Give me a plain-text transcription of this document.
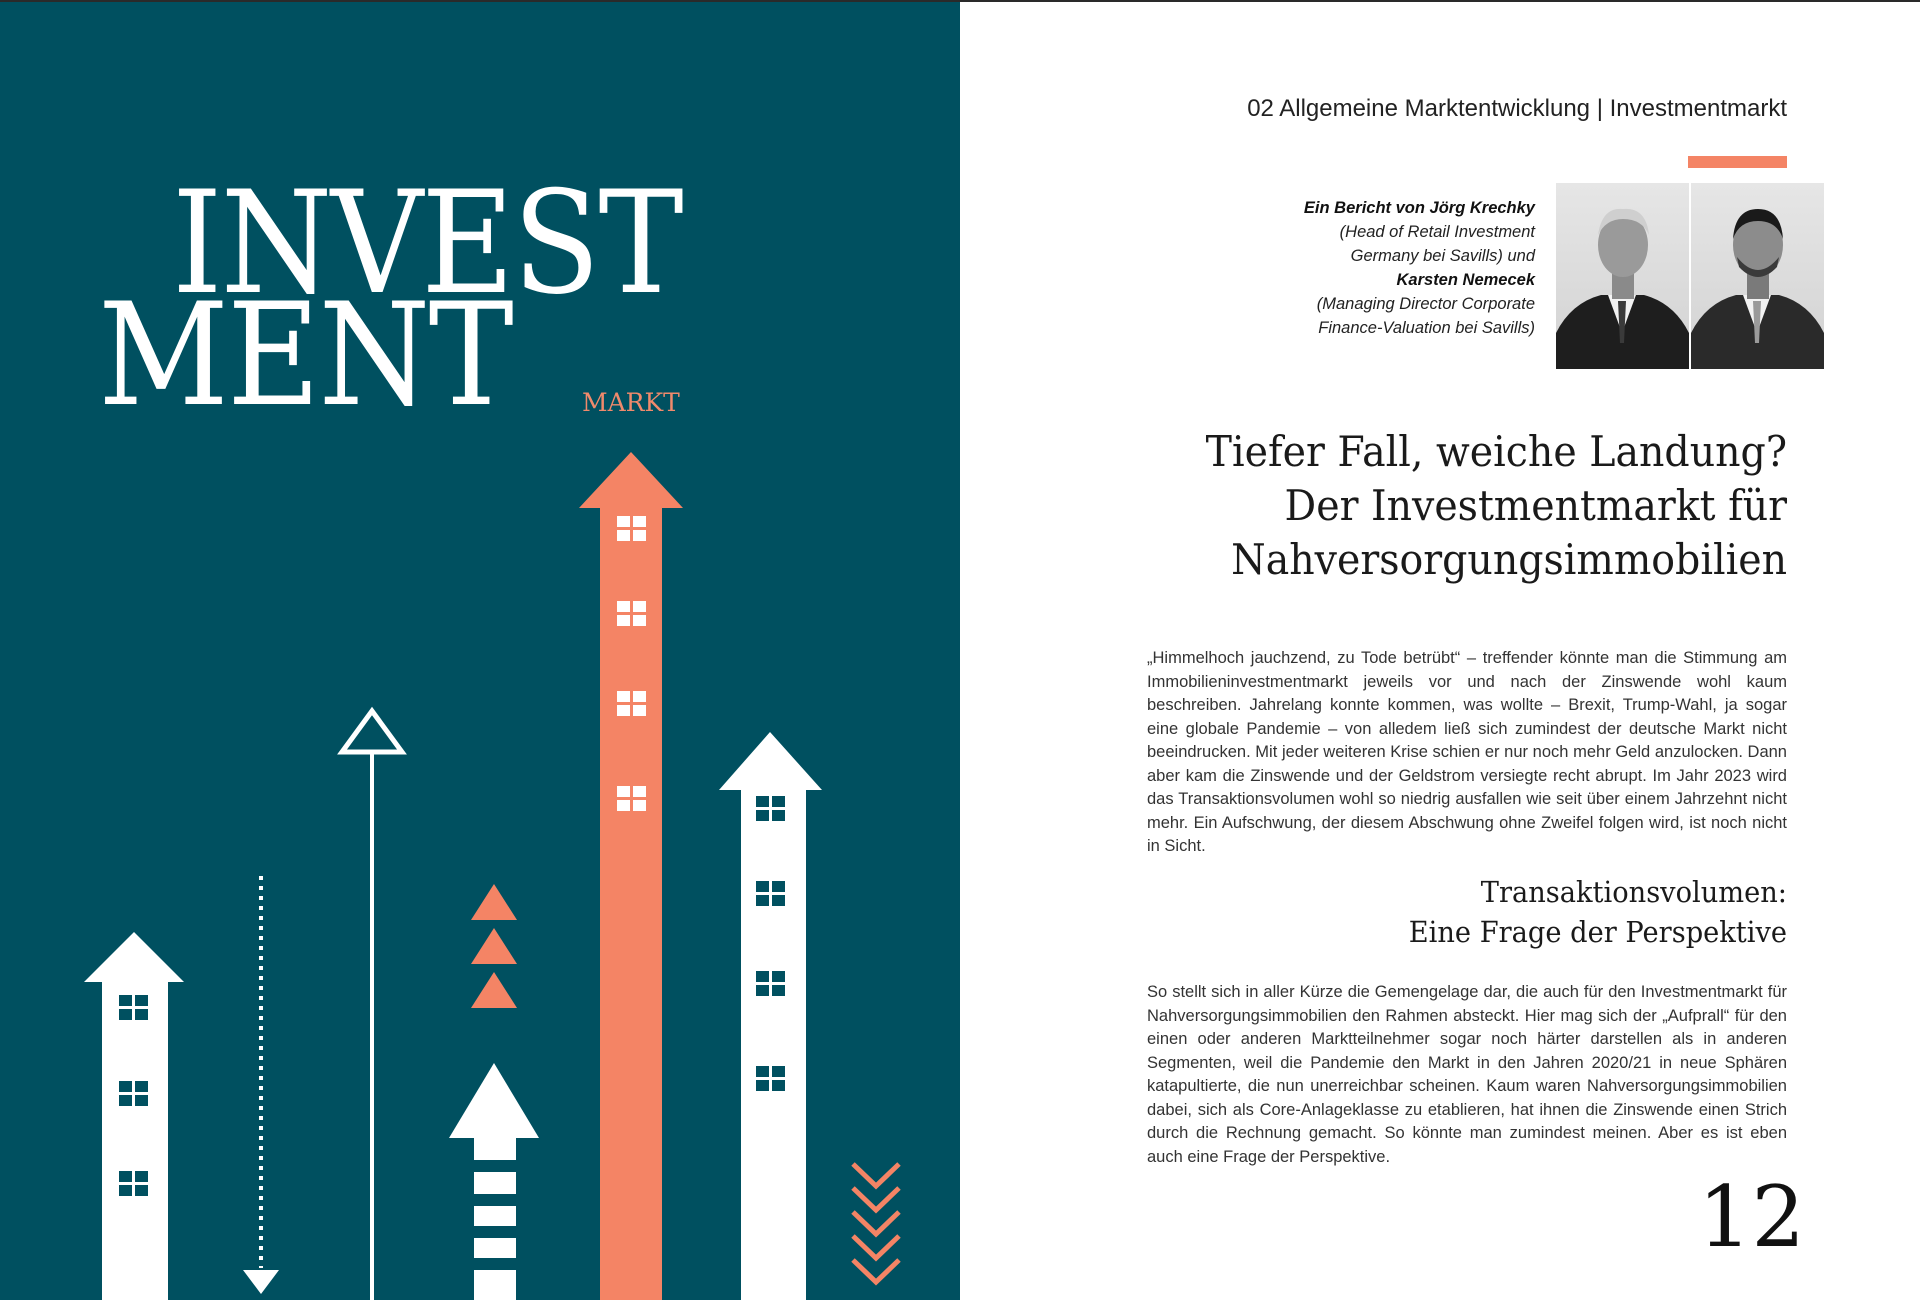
INVEST
MENT	MARKT

02 Allgemeine Marktentwicklung | Investmentmarkt

Ein Bericht von Jörg Krechky
(Head of Retail Investment Germany bei Savills) und
Karsten Nemecek
(Managing Director Corporate Finance-Valuation bei Savills)

Tiefer Fall, weiche Landung?
Der Investmentmarkt für
Nahversorgungsimmobilien

„Himmelhoch jauchzend, zu Tode betrübt“ – treffender könnte man die Stimmung am Immobilieninvestmentmarkt jeweils vor und nach der Zinswende wohl kaum beschreiben. Jahrelang konnte kommen, was wollte – Brexit, Trump-Wahl, ja sogar eine globale Pandemie – von alledem ließ sich zumindest der deutsche Markt nicht beeindrucken. Mit jeder weiteren Krise schien er nur noch mehr Geld anzulocken. Dann aber kam die Zinswende und der Geldstrom versiegte recht abrupt. Im Jahr 2023 wird das Transaktionsvolumen wohl so niedrig ausfallen wie seit über einem Jahrzehnt nicht mehr. Ein Aufschwung, der diesem Abschwung ohne Zweifel folgen wird, ist noch nicht in Sicht.

Transaktionsvolumen:
Eine Frage der Perspektive

So stellt sich in aller Kürze die Gemengelage dar, die auch für den Investmentmarkt für Nahversorgungsimmobilien den Rahmen absteckt. Hier mag sich der „Aufprall“ für den einen oder anderen Marktteilnehmer sogar noch härter darstellen als in anderen Segmenten, weil die Pandemie den Markt in den Jahren 2020/21 in neue Sphären katapultierte, die nun unerreichbar scheinen. Kaum waren Nahversorgungsimmobilien dabei, sich als Core-Anlageklasse zu etablieren, hat ihnen die Zinswende einen Strich durch die Rechnung gemacht. So könnte man zumindest meinen. Aber es ist eben auch eine Frage der Perspektive.

12
